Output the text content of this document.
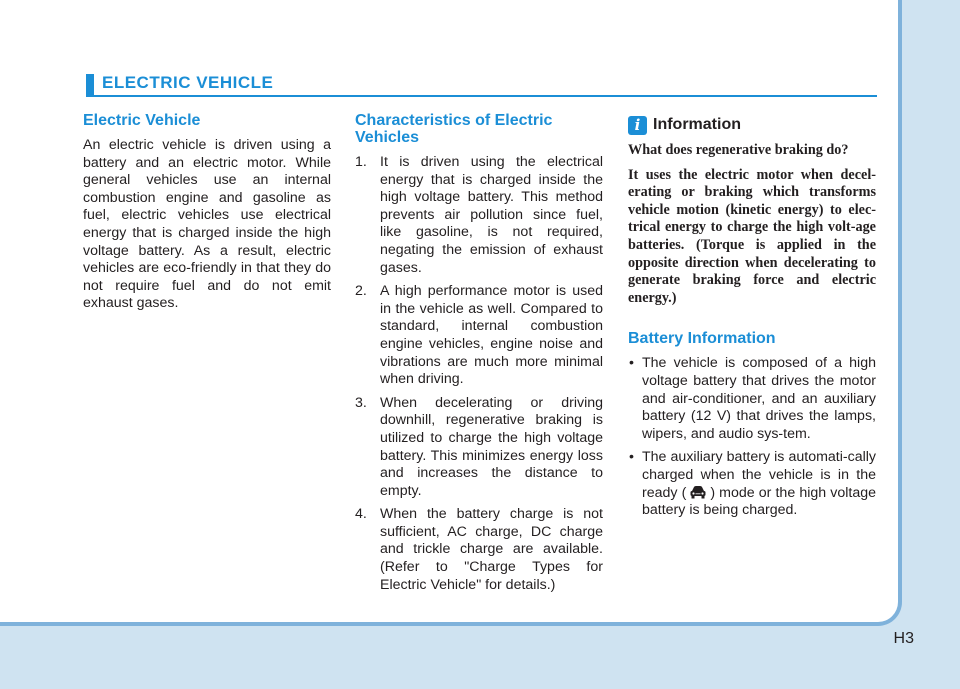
ELECTRIC VEHICLE
Electric Vehicle

An electric vehicle is driven using a battery and an electric motor. While general vehicles use an internal combustion engine and gasoline as fuel, electric vehicles use electrical energy that is charged inside the high voltage battery. As a result, electric vehicles are eco-friendly in that they do not require fuel and do not emit exhaust gases.

Characteristics of Electric Vehicles
1. It is driven using the electrical energy that is charged inside the high voltage battery. This method prevents air pollution since fuel, like gasoline, is not required, negating the emission of exhaust gases.
2. A high performance motor is used in the vehicle as well. Compared to standard, internal combustion engine vehicles, engine noise and vibrations are much more minimal when driving.
3. When decelerating or driving downhill, regenerative braking is utilized to charge the high voltage battery. This minimizes energy loss and increases the distance to empty.
4. When the battery charge is not sufficient, AC charge, DC charge and trickle charge are available. (Refer to "Charge Types for Electric Vehicle" for details.)
i Information

What does regenerative braking do?

It uses the electric motor when decel-erating or braking which transforms vehicle motion (kinetic energy) to elec-trical energy to charge the high volt-age batteries. (Torque is applied in the opposite direction when decelerating to generate braking force and electric energy.)

Battery Information
• The vehicle is composed of a high voltage battery that drives the motor and air-conditioner, and an auxiliary battery (12 V) that drives the lamps, wipers, and audio sys-tem.
• The auxiliary battery is automati-cally charged when the vehicle is in the ready ( ) mode or the high voltage battery is being charged.
H3
